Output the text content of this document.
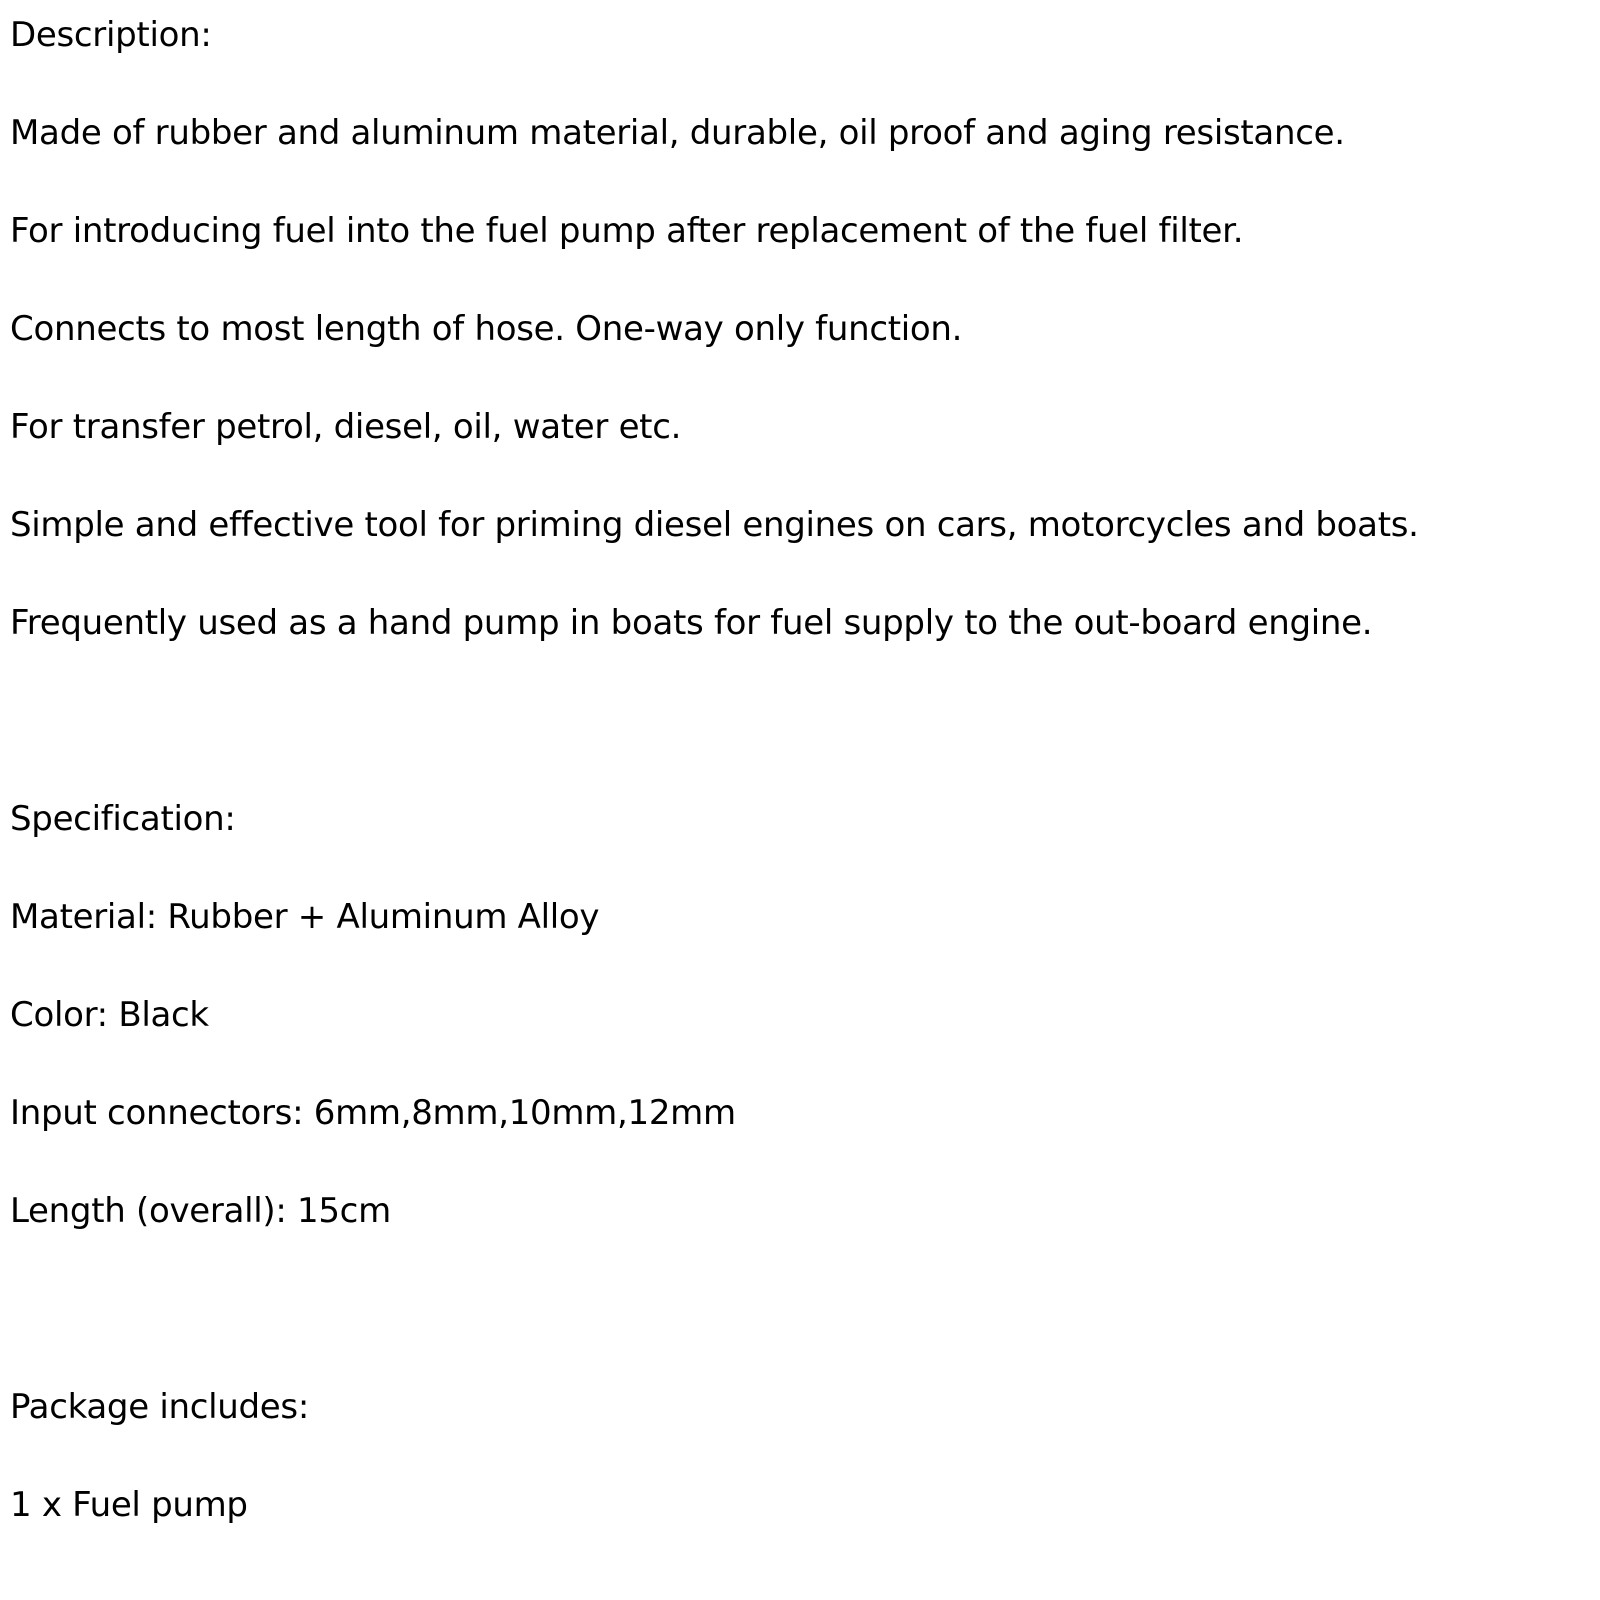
Description:

Made of rubber and aluminum material, durable, oil proof and aging resistance.

For introducing fuel into the fuel pump after replacement of the fuel filter.

Connects to most length of hose. One-way only function.

For transfer petrol, diesel, oil, water etc.

Simple and effective tool for priming diesel engines on cars, motorcycles and boats.

Frequently used as a hand pump in boats for fuel supply to the out-board engine.

Specification:

Material: Rubber + Aluminum Alloy

Color: Black

Input connectors: 6mm,8mm,10mm,12mm

Length (overall): 15cm

Package includes:

1 x Fuel pump
